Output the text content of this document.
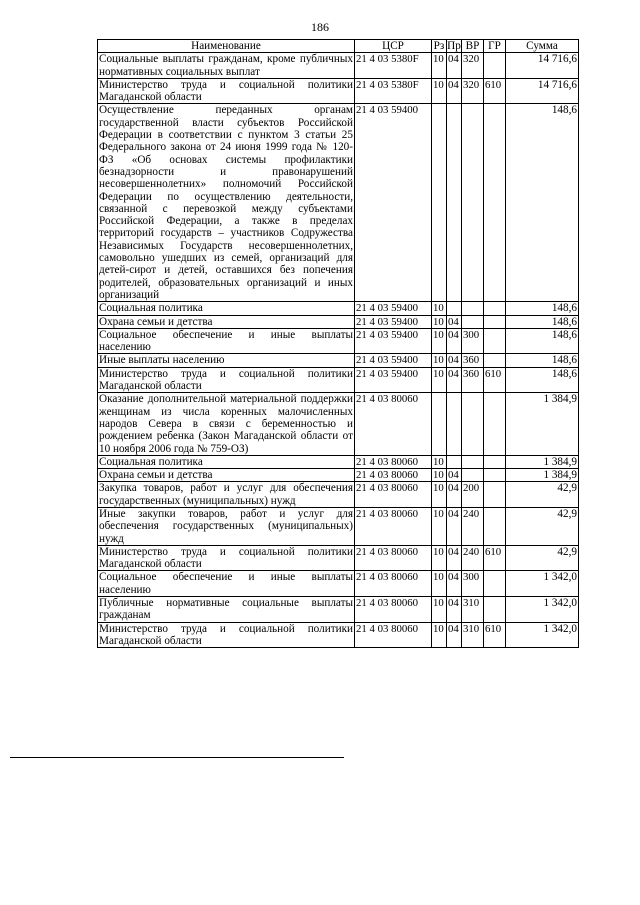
186
Наименование	ЦСР	Рз	Пр	ВР	ГР	Сумма
Социальные выплаты гражданам, кроме публичных нормативных социальных выплат	21 4 03 5380F	10	04	320		14 716,6
Министерство труда и социальной политики Магаданской области	21 4 03 5380F	10	04	320	610	14 716,6
Осуществление переданных органам государственной власти субъектов Российской Федерации в соответствии с пунктом 3 статьи 25 Федерального закона от 24 июня 1999 года № 120-ФЗ «Об основах системы профилактики безнадзорности и правонарушений несовершеннолетних» полномочий Российской Федерации по осуществлению деятельности, связанной с перевозкой между субъектами Российской Федерации, а также в пределах территорий государств – участников Содружества Независимых Государств несовершеннолетних, самовольно ушедших из семей, организаций для детей-сирот и детей, оставшихся без попечения родителей, образовательных организаций и иных организаций	21 4 03 59400					148,6
Социальная политика	21 4 03 59400	10				148,6
Охрана семьи и детства	21 4 03 59400	10	04			148,6
Социальное обеспечение и иные выплаты населению	21 4 03 59400	10	04	300		148,6
Иные выплаты населению	21 4 03 59400	10	04	360		148,6
Министерство труда и социальной политики Магаданской области	21 4 03 59400	10	04	360	610	148,6
Оказание дополнительной материальной поддержки женщинам из числа коренных малочисленных народов Севера в связи с беременностью и рождением ребенка (Закон Магаданской области от 10 ноября 2006 года № 759-ОЗ)	21 4 03 80060					1 384,9
Социальная политика	21 4 03 80060	10				1 384,9
Охрана семьи и детства	21 4 03 80060	10	04			1 384,9
Закупка товаров, работ и услуг для обеспечения государственных (муниципальных) нужд	21 4 03 80060	10	04	200		42,9
Иные закупки товаров, работ и услуг для обеспечения государственных (муниципальных) нужд	21 4 03 80060	10	04	240		42,9
Министерство труда и социальной политики Магаданской области	21 4 03 80060	10	04	240	610	42,9
Социальное обеспечение и иные выплаты населению	21 4 03 80060	10	04	300		1 342,0
Публичные нормативные социальные выплаты гражданам	21 4 03 80060	10	04	310		1 342,0
Министерство труда и социальной политики Магаданской области	21 4 03 80060	10	04	310	610	1 342,0
